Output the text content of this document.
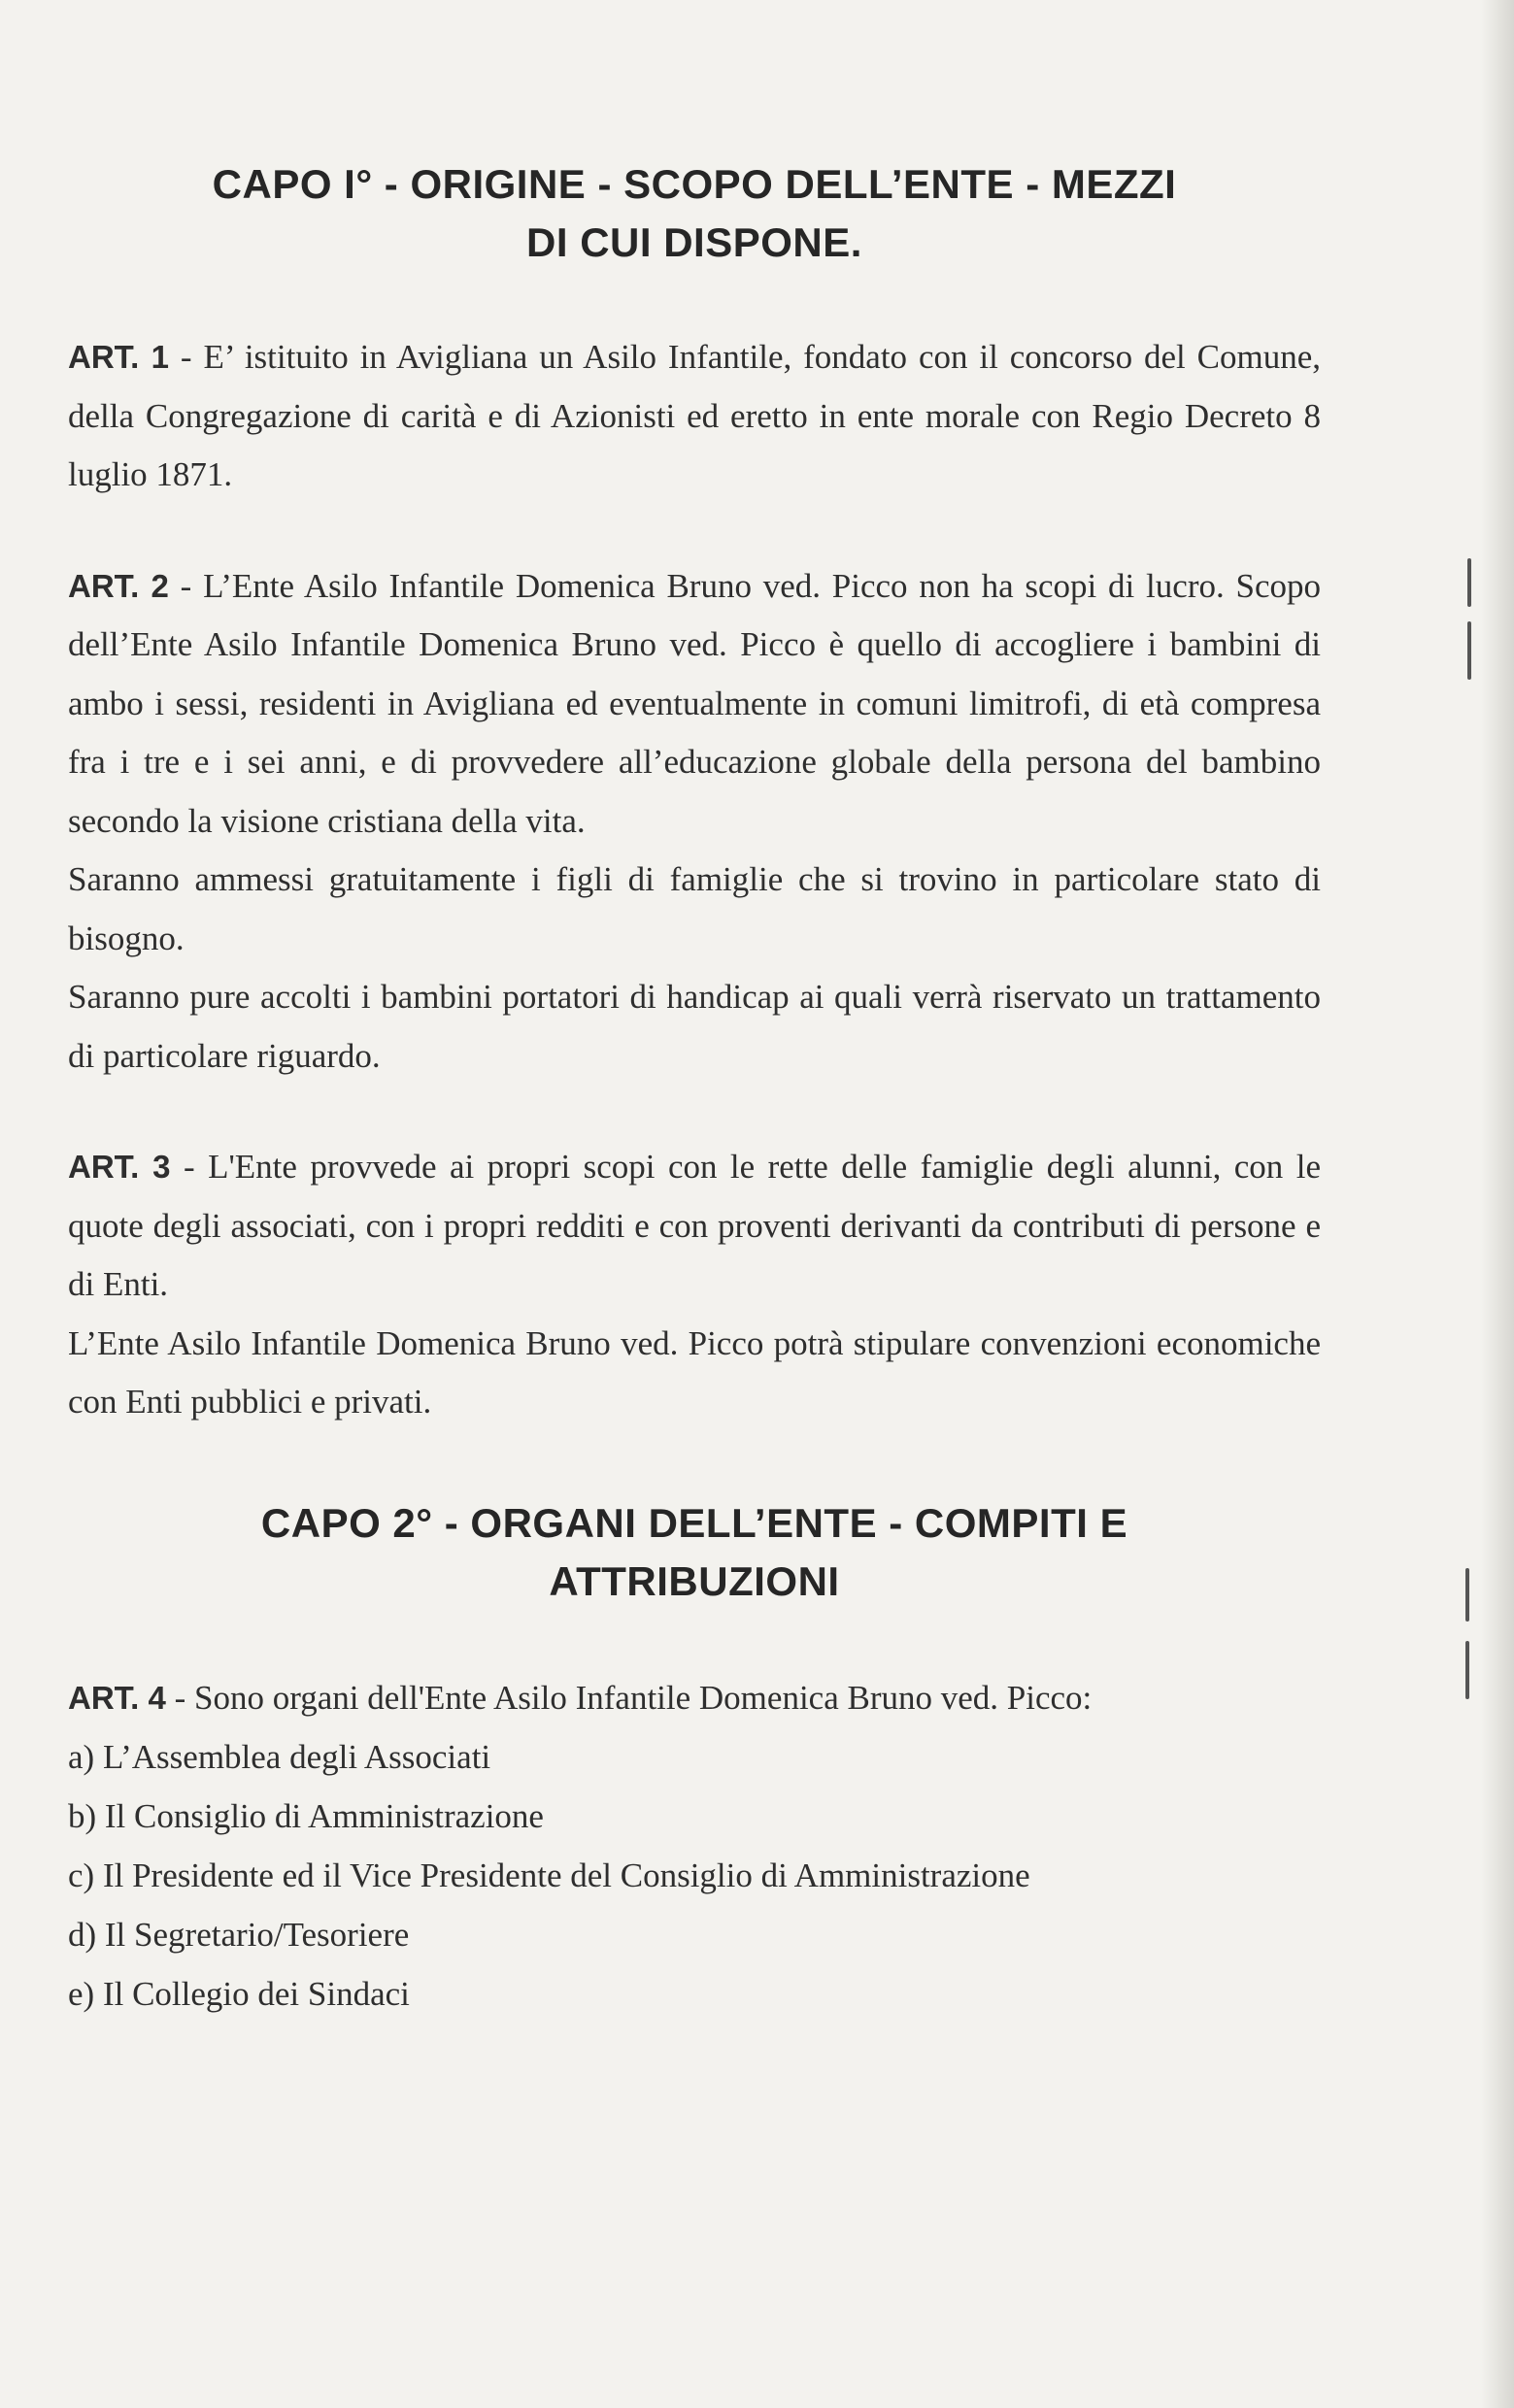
CAPO I° - ORIGINE - SCOPO DELL’ENTE - MEZZI
DI CUI DISPONE.

ART. 1 - E’ istituito in Avigliana un Asilo Infantile, fondato con il concorso del Comune, della Congregazione di carità e di Azionisti ed eretto in ente morale con Regio Decreto 8 luglio 1871.

ART. 2 - L’Ente Asilo Infantile Domenica Bruno ved. Picco non ha scopi di lucro. Scopo dell’Ente Asilo Infantile Domenica Bruno ved. Picco è quello di accogliere i bambini di ambo i sessi, residenti in Avigliana ed eventualmente in comuni limitrofi, di età compresa fra i tre e i sei anni, e di provvedere all’educazione globale della persona del bambino secondo la visione cristiana della vita.
Saranno ammessi gratuitamente i figli di famiglie che si trovino in particolare stato di bisogno.
Saranno pure accolti i bambini portatori di handicap ai quali verrà riservato un trattamento di particolare riguardo.
ART. 3 - L'Ente provvede ai propri scopi con le rette delle famiglie degli alunni, con le quote degli associati, con i propri redditi e con proventi derivanti da contributi di persone e di Enti.
L’Ente Asilo Infantile Domenica Bruno ved. Picco potrà stipulare convenzioni economiche con Enti pubblici e privati.
CAPO 2° - ORGANI DELL’ENTE - COMPITI E
ATTRIBUZIONI
ART. 4 - Sono organi dell'Ente Asilo Infantile Domenica Bruno ved. Picco:
a) L’Assemblea degli Associati
b) Il Consiglio di Amministrazione
c) Il Presidente ed il Vice Presidente del Consiglio di Amministrazione
d) Il Segretario/Tesoriere
e) Il Collegio dei Sindaci
